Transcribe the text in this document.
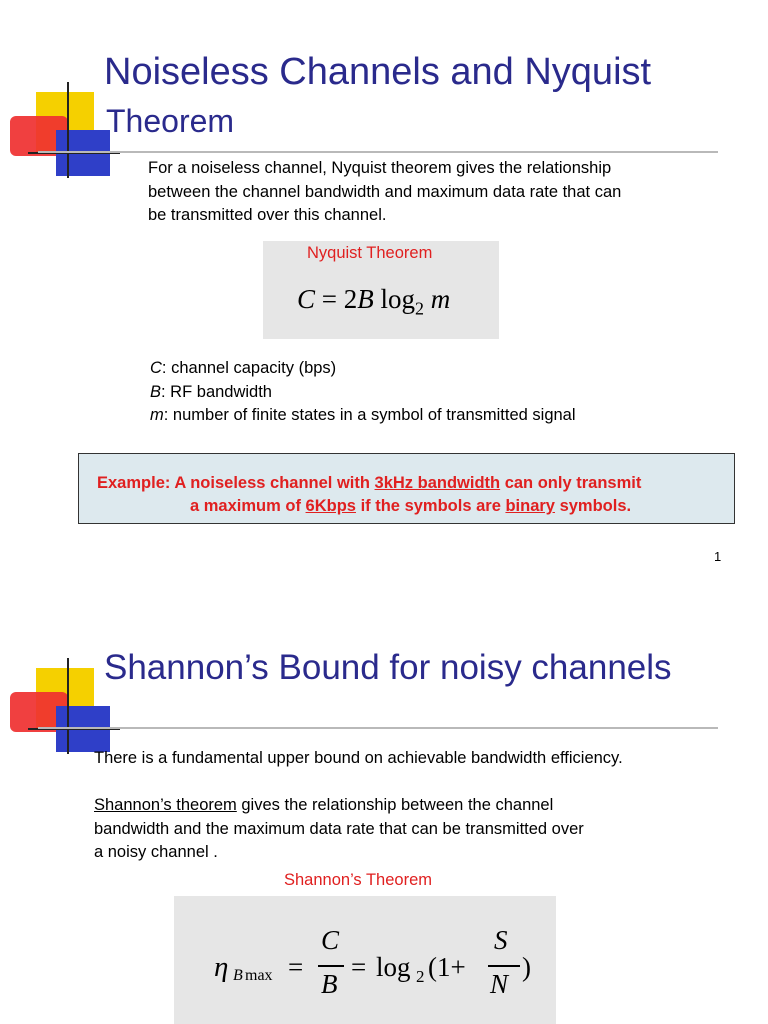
Noiseless Channels and Nyquist
Theorem
For a noiseless channel, Nyquist theorem gives the relationship
between the channel bandwidth and maximum data rate that can
be transmitted over this channel.
Nyquist Theorem
C = 2B $\log_2 m$
C: channel capacity (bps)
B: RF bandwidth
m: number of finite states in a symbol of transmitted signal
Example: A noiseless channel with 3kHz bandwidth can only transmit
a maximum of 6Kbps if the symbols are binary symbols.
1
Shannon’s Bound for noisy channels
There is a fundamental upper bound on achievable bandwidth efficiency.
Shannon’s theorem gives the relationship between the channel
bandwidth and the maximum data rate that can be transmitted over
a noisy channel .
Shannon’s Theorem
η B max =
C
B
= log 2 (1+
S
N
)
